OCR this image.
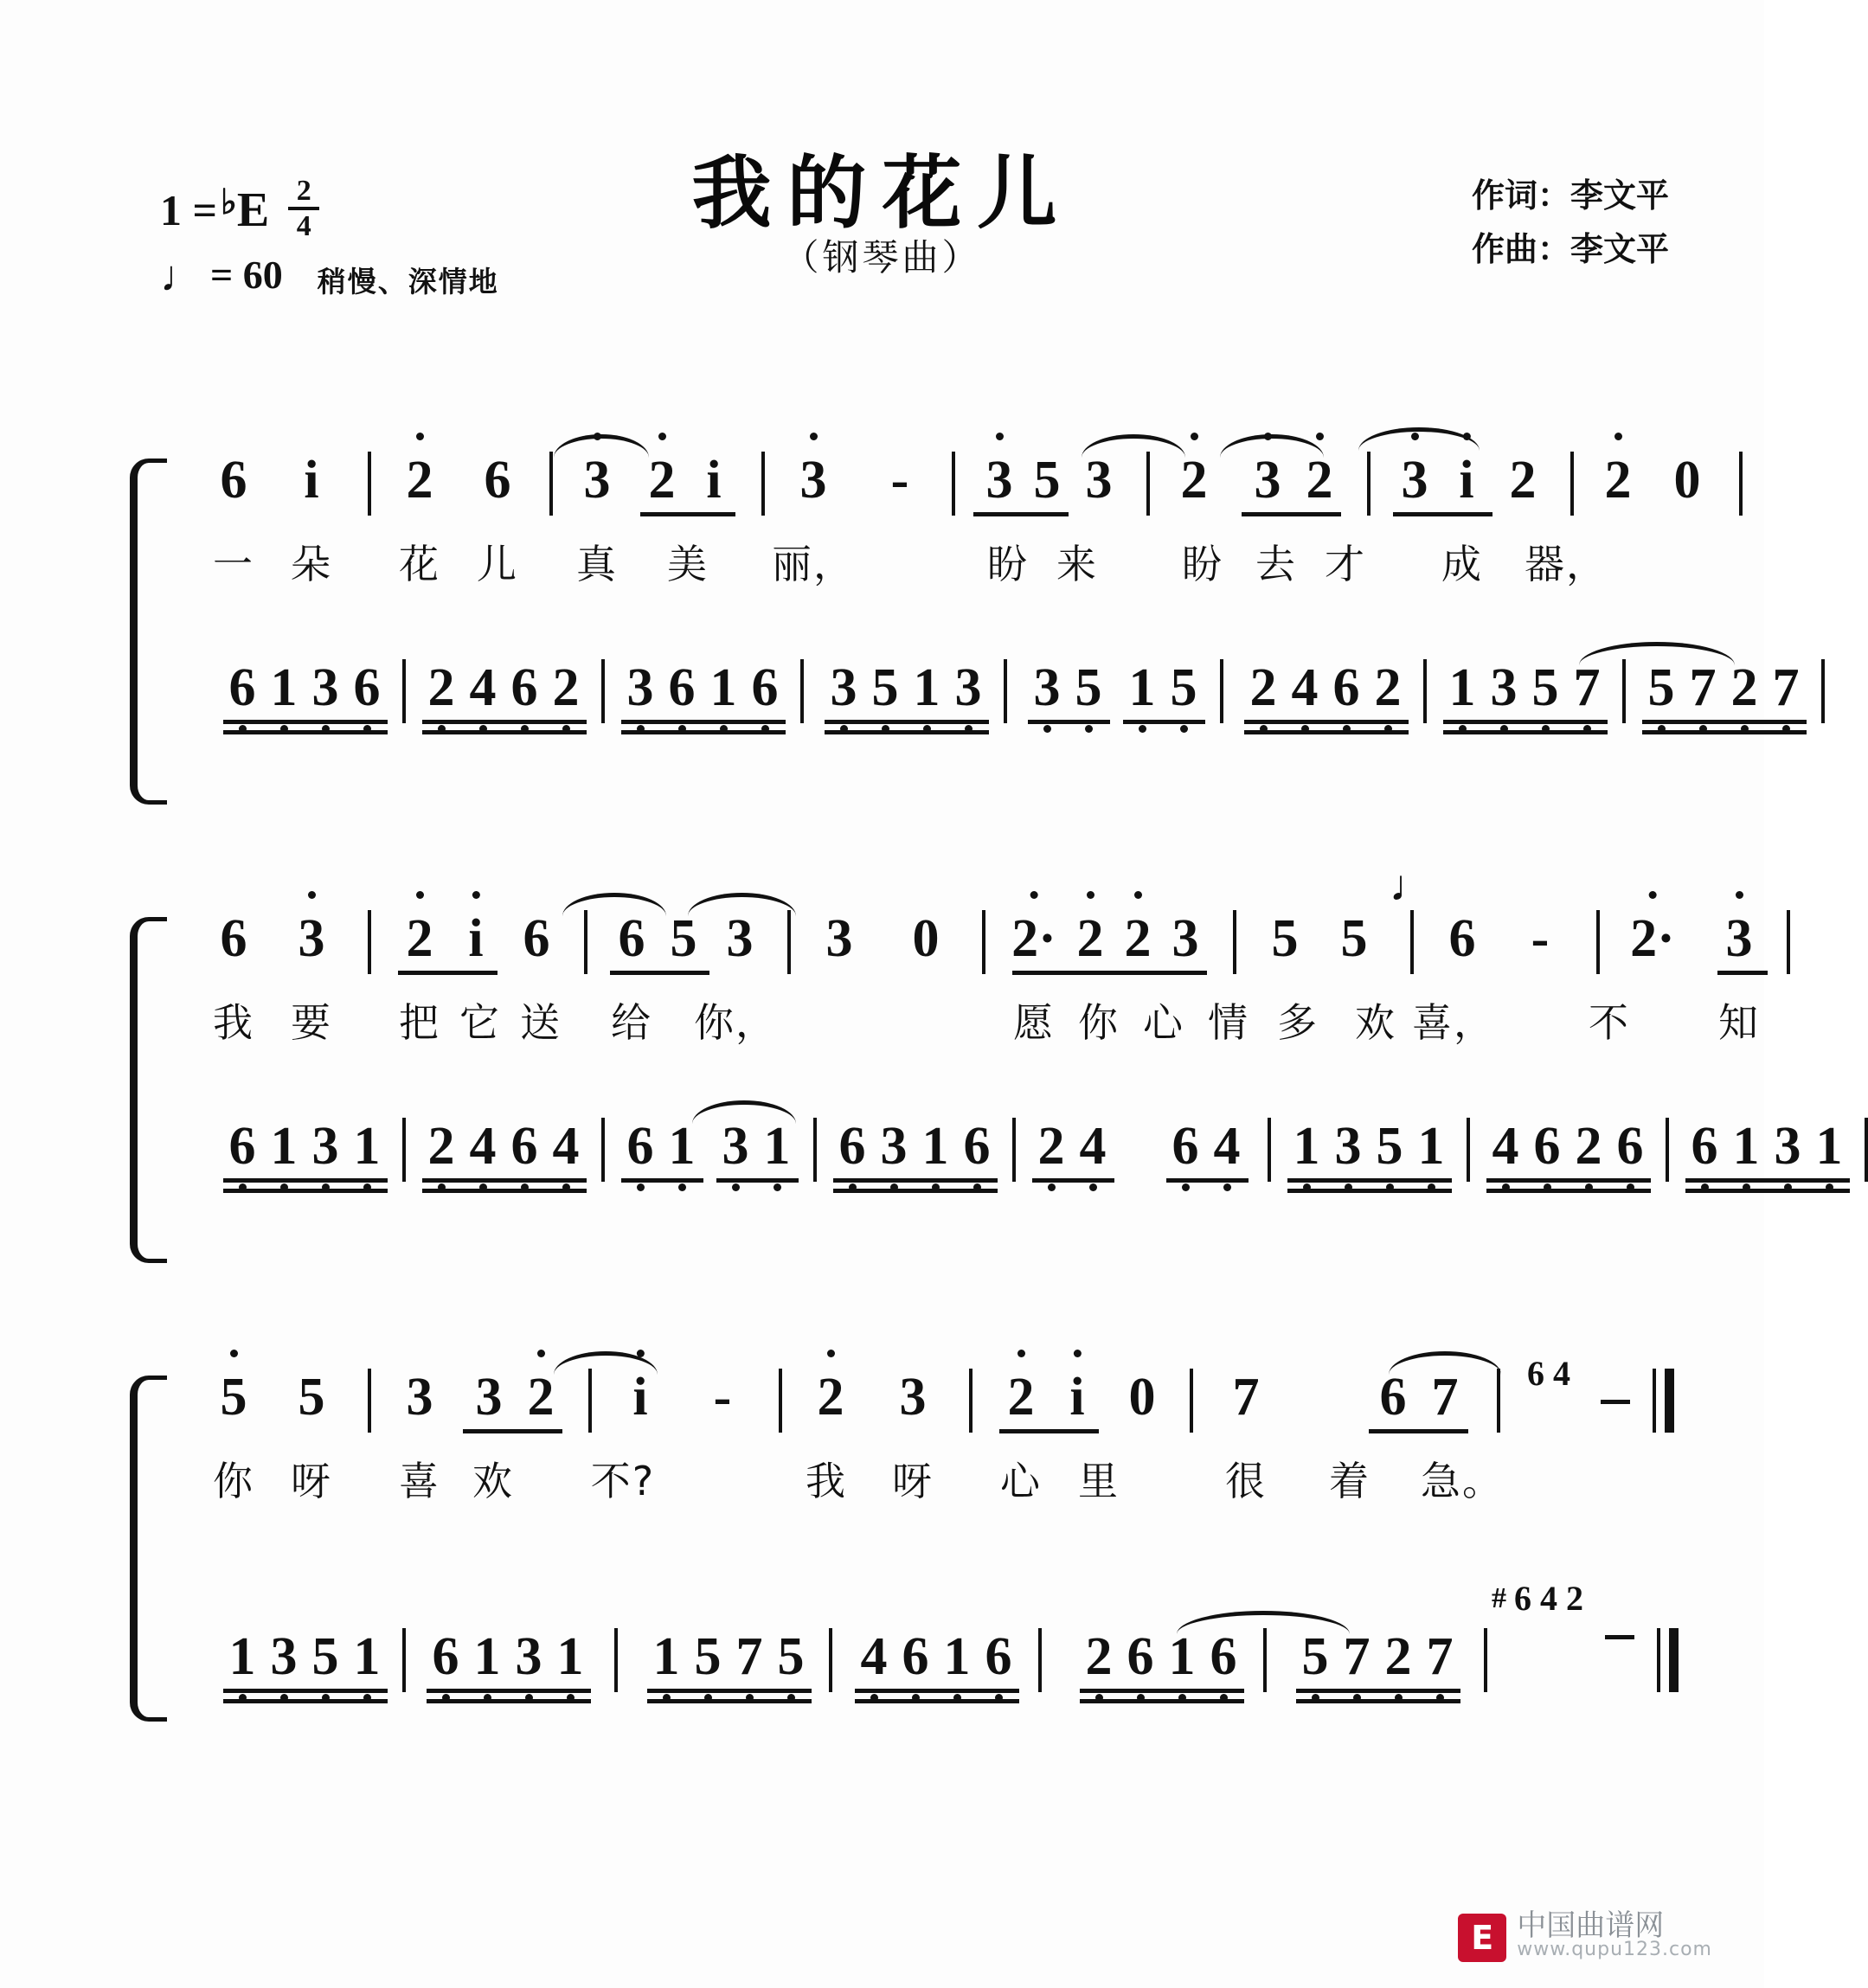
我的花儿
（钢琴曲）
作词：李文平
作曲：李文平
1 = ♭ E $\frac{2}{4}$
♩ = 60 稍慢、深情地
6 i 2 6 3 2 i 3 - 3 5 3 2 3 2 3 i 2 2 0
一 朵 花 儿 真 美 丽，	盼 来 盼 去 才 成 器，
6 1 3 6 2 4 6 2 3 6 1 6 3 5 1 3 3 5 1 5 2 4 6 2 1 3 5 7 5 7 2 7
6 3 2 i 6 6 5 3 3 0 2· 2 2 3 5 5
𝅘𝅥
6 - 2· 3
我 要 把 它 送 给 你，	愿 你 心 情 多 欢 喜， 不 知
6 1 3 1 2 4 6 4 6 1 3 1 6 3 1 6 2 4 6 4 1 3 5 1 4 6 2 6 6 1 3 1
5 5 3 3 2 i - 2 3 2 i 0 7 6 7 6 4
你 呀 喜 欢 不?	我 呀 心 里	很 着 急。
1 3 5 1 6 1 3 1 1 5 7 5 4 6 1 6 2 6 1 6 5 7 2 7
# 6 4 2
E 中国曲谱网
www.qupu123.com
